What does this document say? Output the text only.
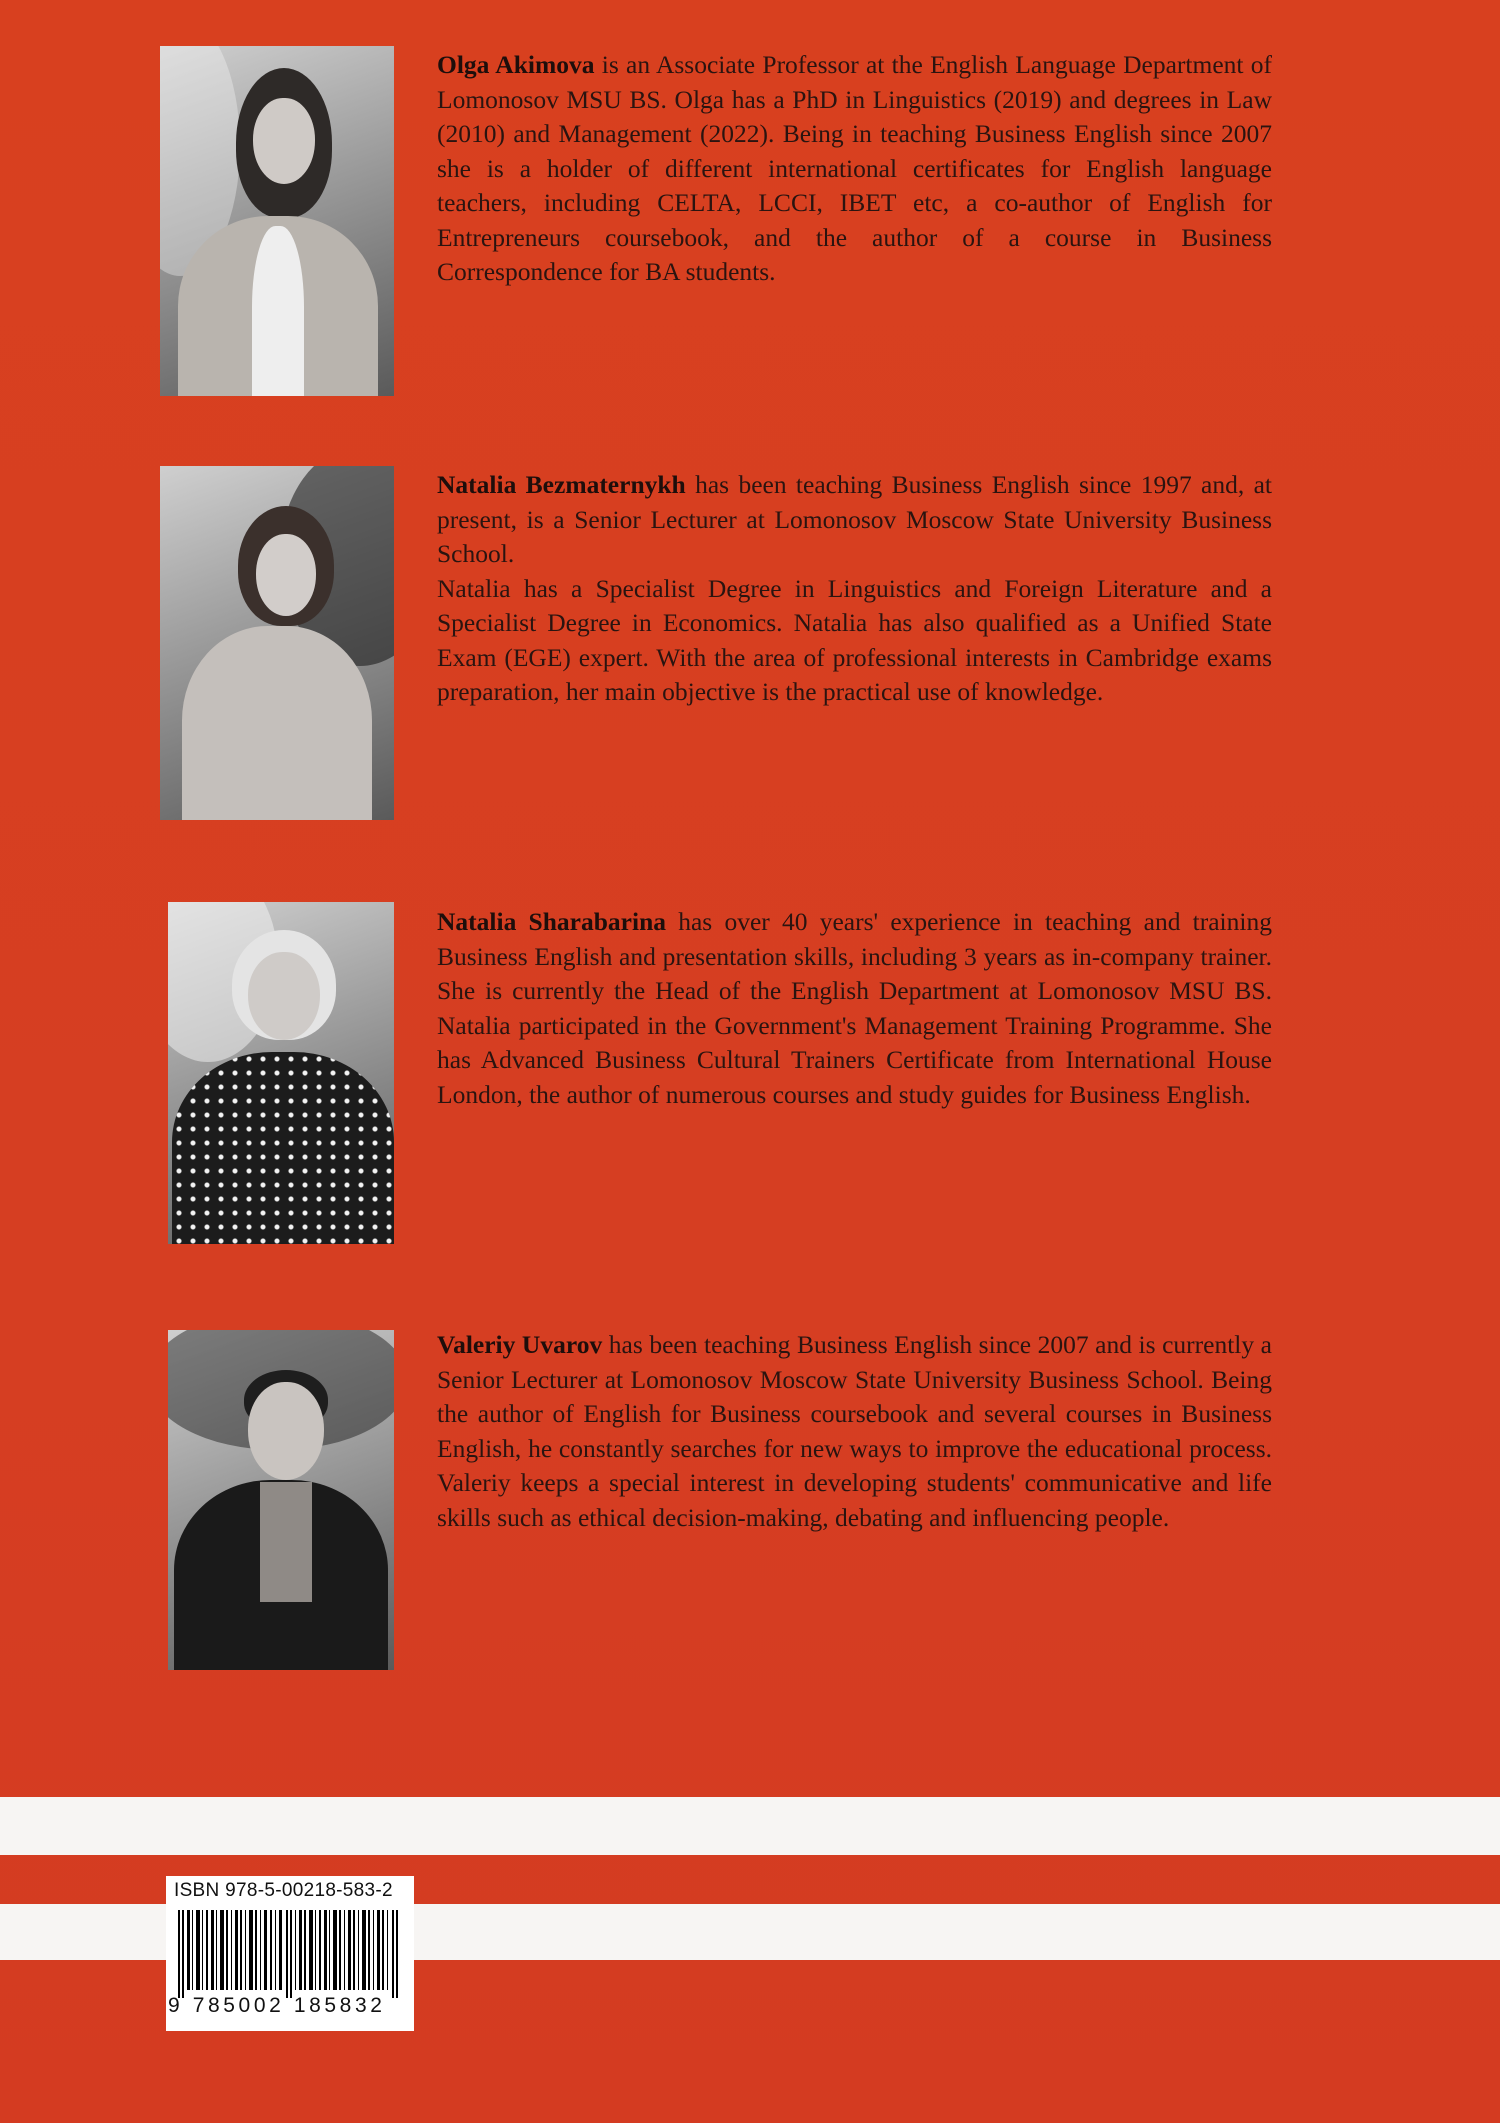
Olga Akimova is an Associate Professor at the English Language Department of Lomonosov MSU BS. Olga has a PhD in Linguistics (2019) and degrees in Law (2010) and Management (2022). Being in teaching Business English since 2007 she is a holder of different international certificates for English language teachers, including CELTA, LCCI, IBET etc, a co-author of English for Entrepreneurs coursebook, and the author of a course in Business Correspondence for BA students.

Natalia Bezmaternykh has been teaching Business English since 1997 and, at present, is a Senior Lecturer at Lomonosov Moscow State University Business School.
Natalia has a Specialist Degree in Linguistics and Foreign Literature and a Specialist Degree in Economics. Natalia has also qualified as a Unified State Exam (EGE) expert. With the area of professional interests in Cambridge exams preparation, her main objective is the practical use of knowledge.

Natalia Sharabarina has over 40 years' experience in teaching and training Business English and presentation skills, including 3 years as in-company trainer. She is currently the Head of the English Department at Lomonosov MSU BS. Natalia participated in the Government's Management Training Programme. She has Advanced Business Cultural Trainers Certificate from International House London, the author of numerous courses and study guides for Business English.

Valeriy Uvarov has been teaching Business English since 2007 and is currently a Senior Lecturer at Lomonosov Moscow State University Business School. Being the author of English for Business coursebook and several courses in Business English, he constantly searches for new ways to improve the educational process. Valeriy keeps a special interest in developing students' communicative and life skills such as ethical decision-making, debating and influencing people.

ISBN 978-5-00218-583-2
9 785002 185832
